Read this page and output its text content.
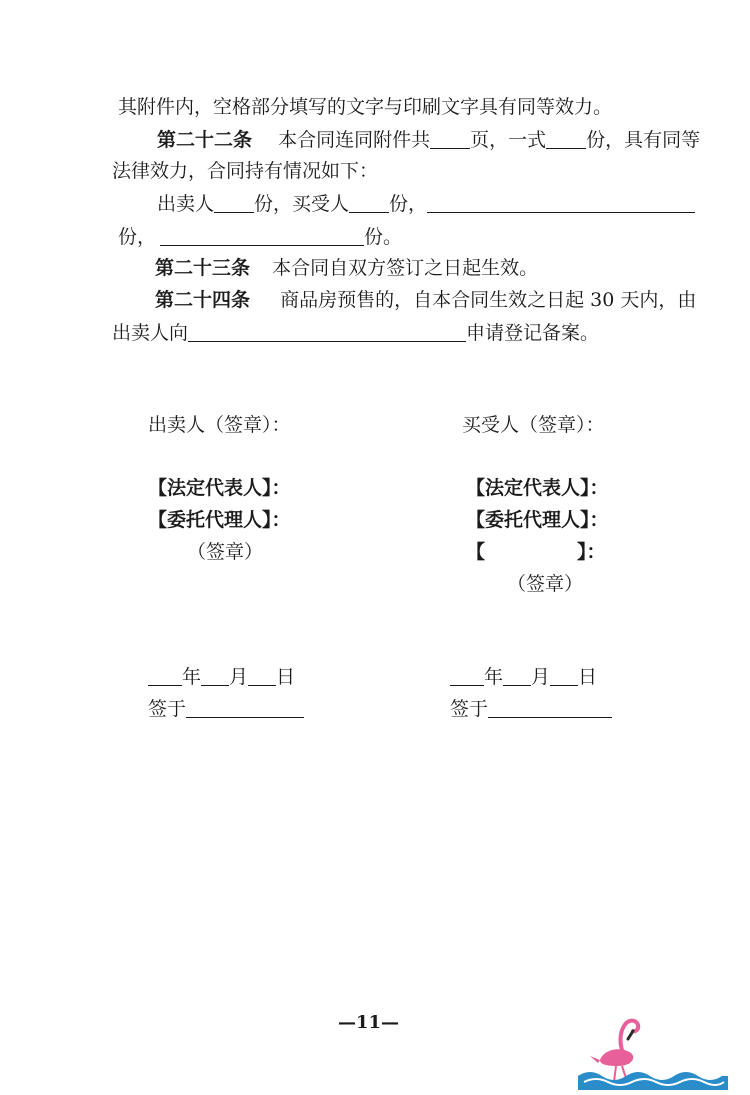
其附件内，空格部分填写的文字与印刷文字具有同等效力。
第二十二条 本合同连同附件共 页，一式 份，具有同等
法律效力，合同持有情况如下：
出卖人 份，买受人 份，
份，	份。
第二十三条 本合同自双方签订之日起生效。
第二十四条 商品房预售的，自本合同生效之日起 30 天内，由
出卖人向	申请登记备案。
出卖人（签章）：
【法定代表人】：
【委托代理人】：
（签章）
买受人（签章）：
【法定代表人】：
【委托代理人】：
【	】：
（签章）
年 月 日
签于
年 月 日
签于
—11—
